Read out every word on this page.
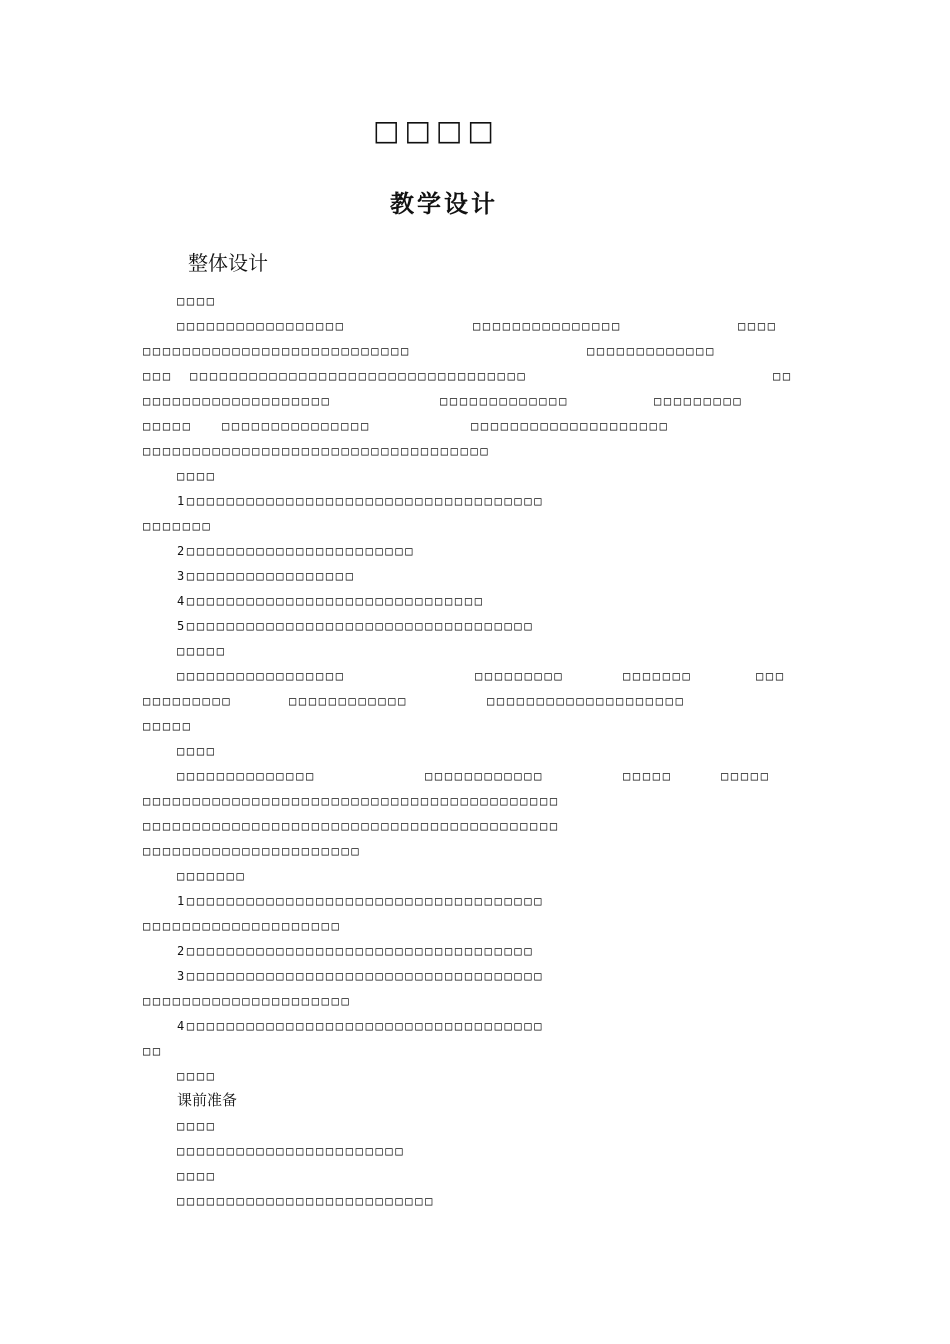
□□□□
教学设计
整体设计
□□□□
□□□□□□□□□□□□□□□□□	□□□□□□□□□□□□□□□	□□□□
□□□□□□□□□□□□□□□□□□□□□□□□□□□	□□□□□□□□□□□□□
□□□ □□□□□□□□□□□□□□□□□□□□□□□□□□□□□□□□□□	□□
□□□□□□□□□□□□□□□□□□□	□□□□□□□□□□□□□	□□□□□□□□□
□□□□□ □□□□□□□□□□□□□□□	□□□□□□□□□□□□□□□□□□□□
□□□□□□□□□□□□□□□□□□□□□□□□□□□□□□□□□□□
□□□□
1□□□□□□□□□□□□□□□□□□□□□□□□□□□□□□□□□□□□
□□□□□□□
2□□□□□□□□□□□□□□□□□□□□□□□
3□□□□□□□□□□□□□□□□□
4□□□□□□□□□□□□□□□□□□□□□□□□□□□□□□
5□□□□□□□□□□□□□□□□□□□□□□□□□□□□□□□□□□□
□□□□□
□□□□□□□□□□□□□□□□□	□□□□□□□□□	□□□□□□□	□□□
□□□□□□□□□	□□□□□□□□□□□□	□□□□□□□□□□□□□□□□□□□□
□□□□□
□□□□
□□□□□□□□□□□□□□	□□□□□□□□□□□□	□□□□□	□□□□□
□□□□□□□□□□□□□□□□□□□□□□□□□□□□□□□□□□□□□□□□□□
□□□□□□□□□□□□□□□□□□□□□□□□□□□□□□□□□□□□□□□□□□
□□□□□□□□□□□□□□□□□□□□□□
□□□□□□□
1□□□□□□□□□□□□□□□□□□□□□□□□□□□□□□□□□□□□
□□□□□□□□□□□□□□□□□□□□
2□□□□□□□□□□□□□□□□□□□□□□□□□□□□□□□□□□□
3□□□□□□□□□□□□□□□□□□□□□□□□□□□□□□□□□□□□
□□□□□□□□□□□□□□□□□□□□□
4□□□□□□□□□□□□□□□□□□□□□□□□□□□□□□□□□□□□
□□
□□□□
课前准备
□□□□
□□□□□□□□□□□□□□□□□□□□□□□
□□□□
□□□□□□□□□□□□□□□□□□□□□□□□□□
